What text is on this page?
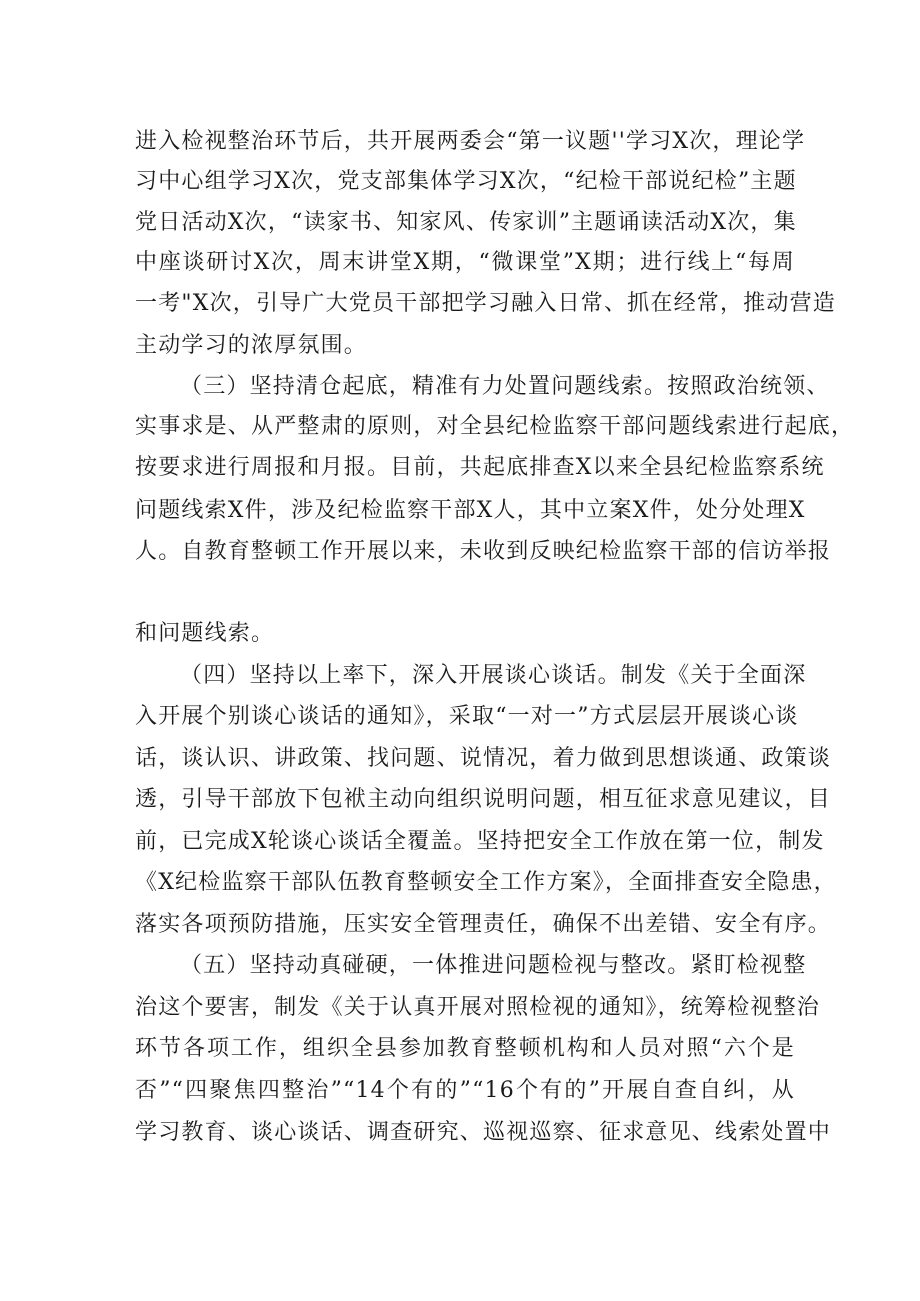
进入检视整治环节后，共开展两委会“第一议题''学习X次，理论学
习中心组学习X次，党支部集体学习X次，“纪检干部说纪检”主题
党日活动X次，“读家书、知家风、传家训”主题诵读活动X次，集
中座谈研讨X次，周末讲堂X期，“微课堂”X期；进行线上“每周
一考"X次，引导广大党员干部把学习融入日常、抓在经常，推动营造
主动学习的浓厚氛围。
（三）坚持清仓起底，精准有力处置问题线索。按照政治统领、
实事求是、从严整肃的原则，对全县纪检监察干部问题线索进行起底，
按要求进行周报和月报。目前，共起底排查X以来全县纪检监察系统
问题线索X件，涉及纪检监察干部X人，其中立案X件，处分处理X
人。自教育整顿工作开展以来，未收到反映纪检监察干部的信访举报
和问题线索。
（四）坚持以上率下，深入开展谈心谈话。制发《关于全面深
入开展个别谈心谈话的通知》，采取“一对一”方式层层开展谈心谈
话，谈认识、讲政策、找问题、说情况，着力做到思想谈通、政策谈
透，引导干部放下包袱主动向组织说明问题，相互征求意见建议，目
前，已完成X轮谈心谈话全覆盖。坚持把安全工作放在第一位，制发
《X纪检监察干部队伍教育整顿安全工作方案》，全面排查安全隐患，
落实各项预防措施，压实安全管理责任，确保不出差错、安全有序。
（五）坚持动真碰硬，一体推进问题检视与整改。紧盯检视整
治这个要害，制发《关于认真开展对照检视的通知》，统筹检视整治
环节各项工作，组织全县参加教育整顿机构和人员对照“六个是
否”“四聚焦四整治”“14个有的”“16个有的”开展自查自纠，从
学习教育、谈心谈话、调查研究、巡视巡察、征求意见、线索处置中
